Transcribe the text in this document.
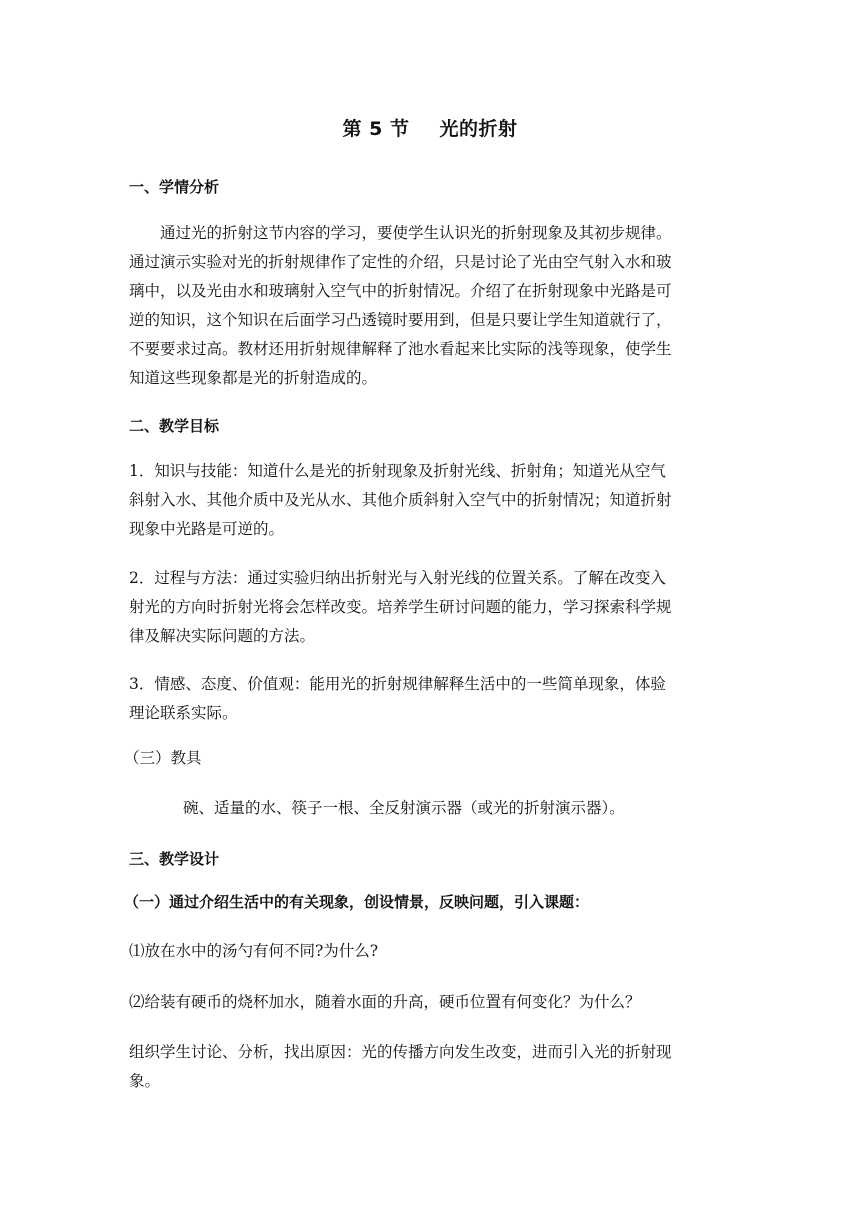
第 5 节 光的折射
一、学情分析
通过光的折射这节内容的学习，要使学生认识光的折射现象及其初步规律。
通过演示实验对光的折射规律作了定性的介绍，只是讨论了光由空气射入水和玻
璃中，以及光由水和玻璃射入空气中的折射情况。介绍了在折射现象中光路是可
逆的知识，这个知识在后面学习凸透镜时要用到，但是只要让学生知道就行了，
不要要求过高。教材还用折射规律解释了池水看起来比实际的浅等现象，使学生
知道这些现象都是光的折射造成的。
二、教学目标
1．知识与技能：知道什么是光的折射现象及折射光线、折射角；知道光从空气
斜射入水、其他介质中及光从水、其他介质斜射入空气中的折射情况；知道折射
现象中光路是可逆的。
2．过程与方法：通过实验归纳出折射光与入射光线的位置关系。了解在改变入
射光的方向时折射光将会怎样改变。培养学生研讨问题的能力，学习探索科学规
律及解决实际问题的方法。
3．情感、态度、价值观：能用光的折射规律解释生活中的一些简单现象，体验
理论联系实际。
（三）教具
碗、适量的水、筷子一根、全反射演示器（或光的折射演示器）。
三、教学设计
（一）通过介绍生活中的有关现象，创设情景，反映问题，引入课题：
⑴放在水中的汤勺有何不同?为什么?
⑵给装有硬币的烧杯加水，随着水面的升高，硬币位置有何变化？为什么？
组织学生讨论、分析，找出原因：光的传播方向发生改变，进而引入光的折射现
象。
